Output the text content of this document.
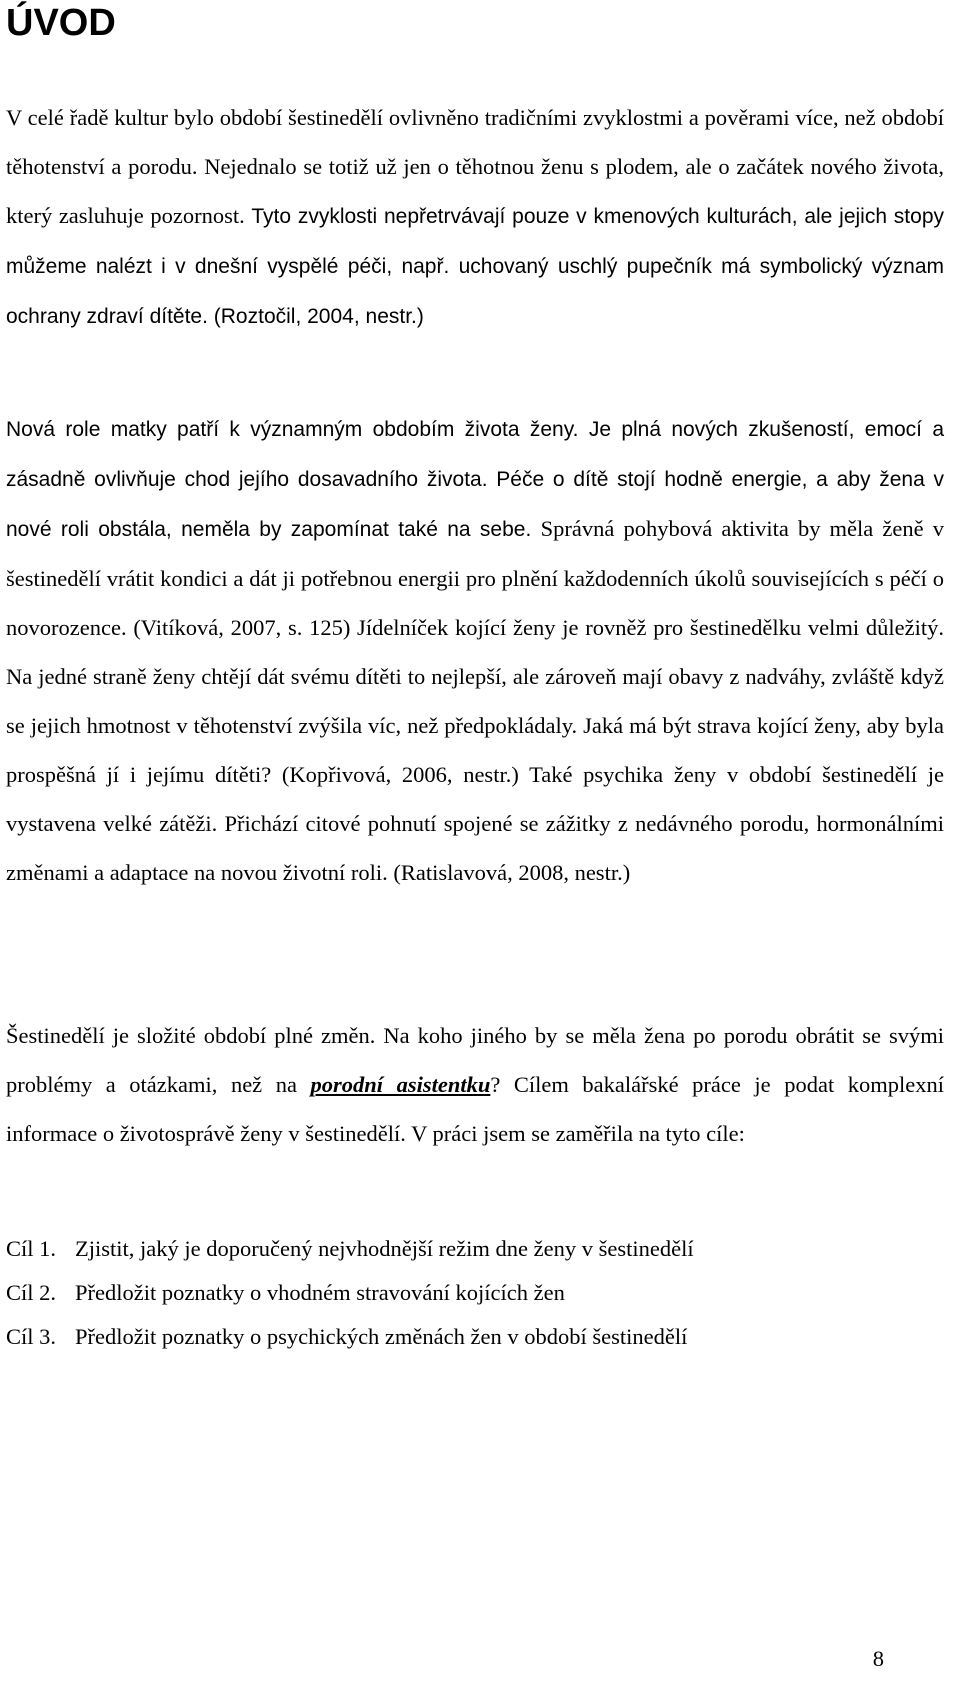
ÚVOD

V celé řadě kultur bylo období šestinedělí ovlivněno tradičními zvyklostmi a pověrami více, než období těhotenství a porodu. Nejednalo se totiž už jen o těhotnou ženu s plodem, ale o začátek nového života, který zasluhuje pozornost. Tyto zvyklosti nepřetrvávají pouze v kmenových kulturách, ale jejich stopy můžeme nalézt i v dnešní vyspělé péči, např. uchovaný uschlý pupečník má symbolický význam ochrany zdraví dítěte. (Roztočil, 2004, nestr.)

Nová role matky patří k významným obdobím života ženy. Je plná nových zkušeností, emocí a zásadně ovlivňuje chod jejího dosavadního života. Péče o dítě stojí hodně energie, a aby žena v nové roli obstála, neměla by zapomínat také na sebe. Správná pohybová aktivita by měla ženě v šestinedělí vrátit kondici a dát ji potřebnou energii pro plnění každodenních úkolů souvisejících s péčí o novorozence. (Vitíková, 2007, s. 125) Jídelníček kojící ženy je rovněž pro šestinedělku velmi důležitý. Na jedné straně ženy chtějí dát svému dítěti to nejlepší, ale zároveň mají obavy z nadváhy, zvláště když se jejich hmotnost v těhotenství zvýšila víc, než předpokládaly. Jaká má být strava kojící ženy, aby byla prospěšná jí i jejímu dítěti? (Kopřivová, 2006, nestr.) Také psychika ženy v období šestinedělí je vystavena velké zátěži. Přichází citové pohnutí spojené se zážitky z nedávného porodu, hormonálními změnami a adaptace na novou životní roli. (Ratislavová, 2008, nestr.)

Šestinedělí je složité období plné změn. Na koho jiného by se měla žena po porodu obrátit se svými problémy a otázkami, než na porodní asistentku? Cílem bakalářské práce je podat komplexní informace o životosprávě ženy v šestinedělí. V práci jsem se zaměřila na tyto cíle:

Cíl 1. Zjistit, jaký je doporučený nejvhodnější režim dne ženy v šestinedělí
Cíl 2. Předložit poznatky o vhodném stravování kojících žen
Cíl 3. Předložit poznatky o psychických změnách žen v období šestinedělí
8
